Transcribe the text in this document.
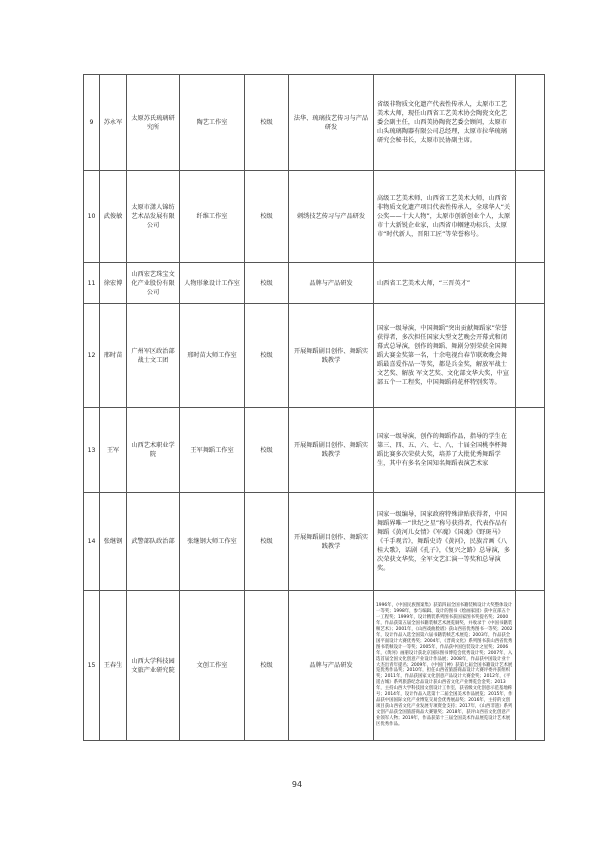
9	苏永军	太原苏氏琉璃研究所	陶艺工作室	校级	法华、琉璃技艺传习与产品研发	省级非物质文化遗产代表性传承人，太原市工艺美术大师，现任山西省工艺美术协会陶瓷文化艺委会副主任，山西美协陶瓷艺委会顾问，太原市山头琉璃陶器有限公司总经理，太原市拉华琉璃研究会秘书长，太原市民协副主席。	
10	武俊敏	太原市潇人锦纺艺术品发展有限公司	纤维工作室	校级	刺绣技艺传习与产品研发	高级工艺美术师、山西省工艺美术大师，山西省非物质文化遗产项目代表性传承人，全球华人“关公奖——十大人物”，太原市创新创业个人，太原市十大新锐企业家，山西省巾帼建功标兵、太原市“时代新人，晋阳工匠”等荣誉称号。	
11	徐宏博	山西宏艺珠宝文化产业股份有限公司	人物形象设计工作室	校级	品牌与产品研发	山西省工艺美术大师，“三晋英才”	
12	邢时苗	广州军区政治部战士文工团	邢时苗大师工作室	校级	开展舞蹈剧目创作、舞蹈实践教学	国家一级导演，中国舞蹈“突出贡献舞蹈家”荣誉获得者，多次担任国家大型文艺晚会开幕式和闭幕式总导演，创作的舞蹈、舞剧分别荣获全国舞蹈大赛金奖第一名，十余电视台春节联欢晚会舞蹈最喜爱作品一等奖，都是兵金奖，解放军战士文艺奖、解放 军文艺奖、文化部文华大奖，中宣部五个一工程奖，中国舞蹈荷花杯特别奖等。	
13	王军	山西艺术职业学院	王军舞蹈工作室	校级	开展舞蹈剧目创作、舞蹈实践教学	国家一级导演，创作的舞蹈作品，指导的学生在第三、四、五、六、七、八、十届全国桃李杯舞蹈比赛多次荣获大奖，培养了大批优秀舞蹈学生，其中有多名全国知名舞蹈表演艺术家	
14	张继钢	武警部队政治部	张继钢大师工作室	校级	开展舞蹈剧目创作、舞蹈实践教学	国家一级编导，国家政府特殊津贴获得者，中国舞蹈界唯一“世纪之星”称号获得者，代表作品有舞蹈《黄河儿女情》《军魂》《国魂》《野斑马》《千手观音》，舞蹈史诗《黄河》，民族音画《八桂大歌》，话剧《孔子》，《复兴之路》总导演，多次荣获文华奖，全军文艺汇演一等奖和总导演奖。	
15	王春生	山西大学科技园文旅产业研究院	文创工作室	校级	品牌与产品研发	1996年，《中国民族图案集》获第四届全国书籍装帧设计大奖整体设计一等奖；1998年，参与编辑、设计的图书《绘画家园》获中宣部五个一工程奖；1999年，设计精装系列图书获国家图书奖提名奖；2000年，作品获第五届全国书籍装帧艺术展览铜奖，并收录于《中国书籍装帧艺术》；2001年，《山西戏曲脸谱》获山西省优秀图书一等奖；2002年，设计作品入选全国第六届书籍装帧艺术展览；2003年，作品获全国平面设计大赛优秀奖；2004年，《晋商文化》系列图书获山西省优秀图书装帧设计一等奖；2005年，作品获中国包装设计之星奖；2006年，《黄河》画册设计获北京国际图书博览会优秀设计奖；2007年，入选首届全国文化创意产业设计作品展；2008年，作品获中国设计业十大杰出青年提名；2009年，《中国门神》获第七届全国书籍设计艺术展览优秀作品奖；2010年，担任山西省旅游商品设计大赛评委并获组织奖；2011年，作品获国家文化创意产品设计大赛金奖；2012年，《平遥古城》系列旅游纪念品设计获山西省文化产业博览会金奖；2013年，主持山西大学科技园文创设计工作室，获省级文化创意示范基地称号；2014年，设计作品入选第十二届全国美术作品展览；2015年，作品获中国国际文化产业博览交易会优秀展品奖；2016年，主持的文创项目获山西省文化产业发展专项资金支持；2017年，《山西非遗》系列文创产品获全国旅游商品大赛银奖；2018年，获评山西省文化创意产业领军人物；2019年，作品获第十三届全国美术作品展览设计艺术展区优秀作品。	
94
